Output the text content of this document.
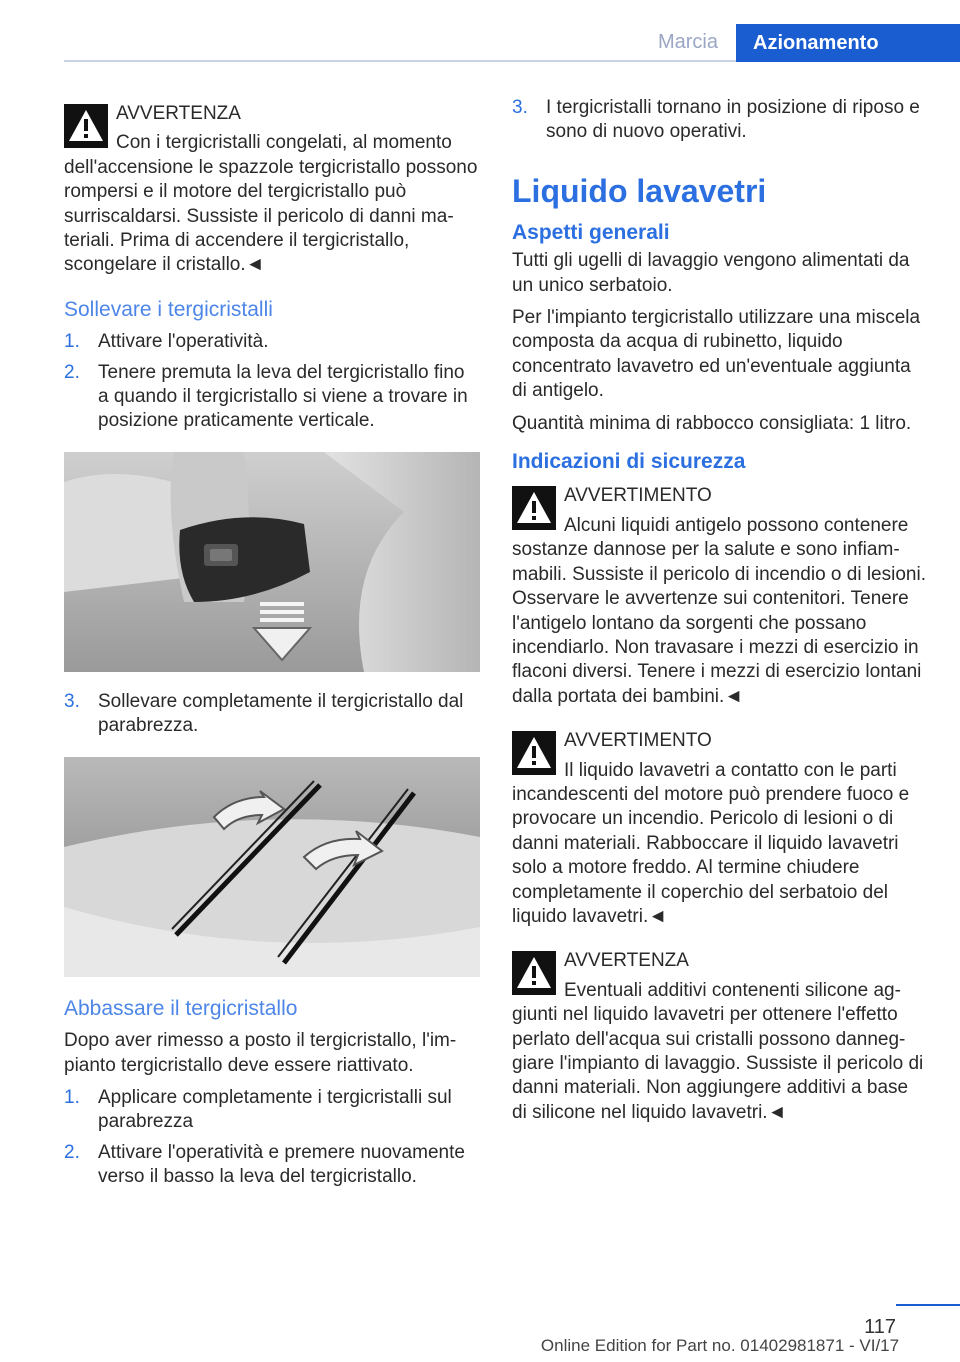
Marcia	Azionamento
AVVERTENZA
Con i tergicristalli congelati, al momento dell'accensione le spazzole tergicristallo possono rompersi e il motore del tergicristallo può surriscaldarsi. Sussiste il pericolo di danni materiali. Prima di accendere il tergicristallo, scongelare il cristallo.◄
Sollevare i tergicristalli
1. Attivare l'operatività.
2. Tenere premuta la leva del tergicristallo fino a quando il tergicristallo si viene a trovare in posizione praticamente verticale.
3. Sollevare completamente il tergicristallo dal parabrezza.
Abbassare il tergicristallo

Dopo aver rimesso a posto il tergicristallo, l'impianto tergicristallo deve essere riattivato.

1. Applicare completamente i tergicristalli sul parabrezza
2. Attivare l'operatività e premere nuovamente verso il basso la leva del tergicristallo.
3. I tergicristalli tornano in posizione di riposo e sono di nuovo operativi.
Liquido lavavetri
Aspetti generali

Tutti gli ugelli di lavaggio vengono alimentati da un unico serbatoio.

Per l'impianto tergicristallo utilizzare una miscela composta da acqua di rubinetto, liquido concentrato lavavetro ed un'eventuale aggiunta di antigelo.

Quantità minima di rabbocco consigliata: 1 litro.

Indicazioni di sicurezza
AVVERTIMENTO
Alcuni liquidi antigelo possono contenere sostanze dannose per la salute e sono infiammabili. Sussiste il pericolo di incendio o di lesioni. Osservare le avvertenze sui contenitori. Tenere l'antigelo lontano da sorgenti che possano incendiarlo. Non travasare i mezzi di esercizio in flaconi diversi. Tenere i mezzi di esercizio lontani dalla portata dei bambini.◄
AVVERTIMENTO
Il liquido lavavetri a contatto con le parti incandescenti del motore può prendere fuoco e provocare un incendio. Pericolo di lesioni o di danni materiali. Rabboccare il liquido lavavetri solo a motore freddo. Al termine chiudere completamente il coperchio del serbatoio del liquido lavavetri.◄
AVVERTENZA
Eventuali additivi contenenti silicone aggiunti nel liquido lavavetri per ottenere l'effetto perlato dell'acqua sui cristalli possono danneggiare l'impianto di lavaggio. Sussiste il pericolo di danni materiali. Non aggiungere additivi a base di silicone nel liquido lavavetri.◄
117
Online Edition for Part no. 01402981871 - VI/17
